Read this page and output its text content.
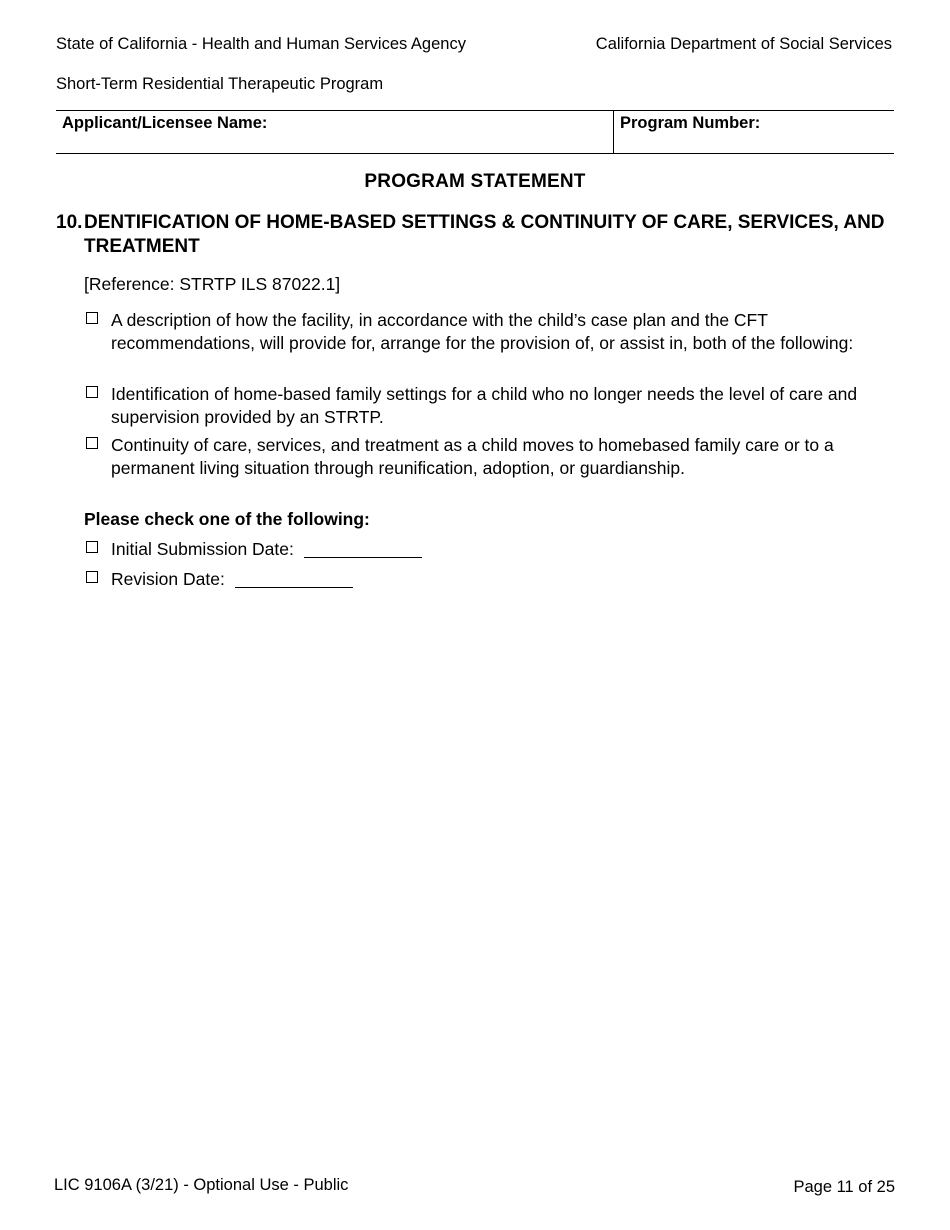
State of California - Health and Human Services Agency	California Department of Social Services
Short-Term Residential Therapeutic Program
Applicant/Licensee Name:	Program Number:
PROGRAM STATEMENT
10. DENTIFICATION OF HOME-BASED SETTINGS & CONTINUITY OF CARE, SERVICES, AND TREATMENT
[Reference: STRTP ILS 87022.1]
A description of how the facility, in accordance with the child’s case plan and the CFT recommendations, will provide for, arrange for the provision of, or assist in, both of the following:
Identification of home-based family settings for a child who no longer needs the level of care and supervision provided by an STRTP.
Continuity of care, services, and treatment as a child moves to homebased family care or to a permanent living situation through reunification, adoption, or guardianship.
Please check one of the following:
Initial Submission Date:
Revision Date:
LIC 9106A (3/21) - Optional Use - Public	Page 11 of 25
